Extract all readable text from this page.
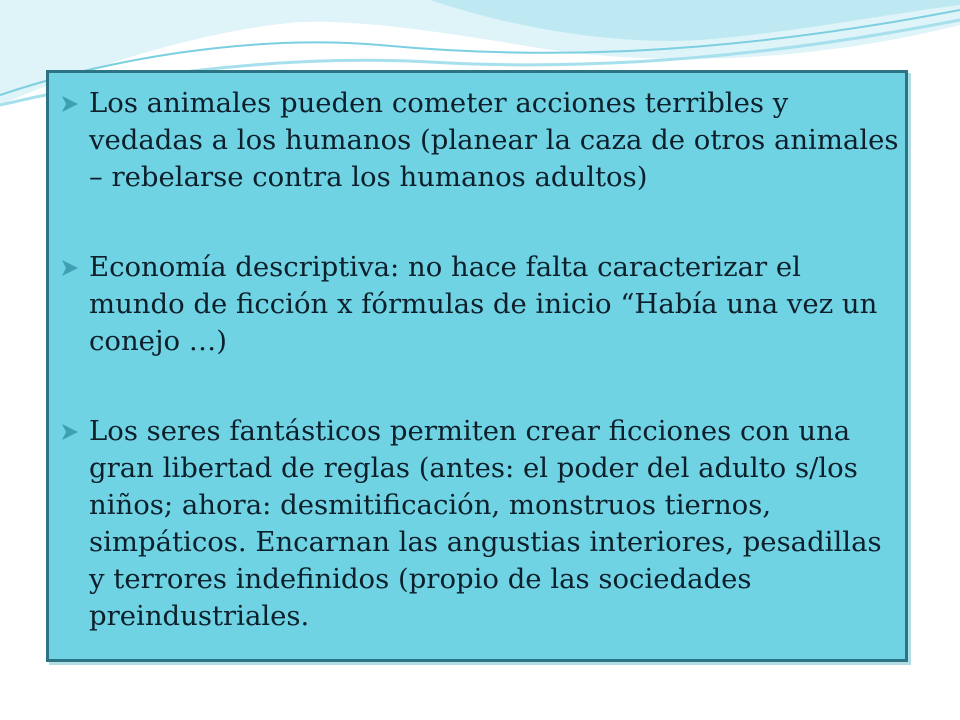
Los animales pueden cometer acciones terribles y vedadas a los humanos (planear la caza de otros animales – rebelarse contra los humanos adultos)
Economía descriptiva: no hace falta caracterizar el mundo de ficción x fórmulas de inicio “Había una vez un conejo …)
Los seres fantásticos permiten crear ficciones con una gran libertad de reglas (antes: el poder del adulto s/los niños; ahora: desmitificación, monstruos tiernos, simpáticos. Encarnan las angustias interiores, pesadillas y terrores indefinidos (propio de las sociedades preindustriales.
